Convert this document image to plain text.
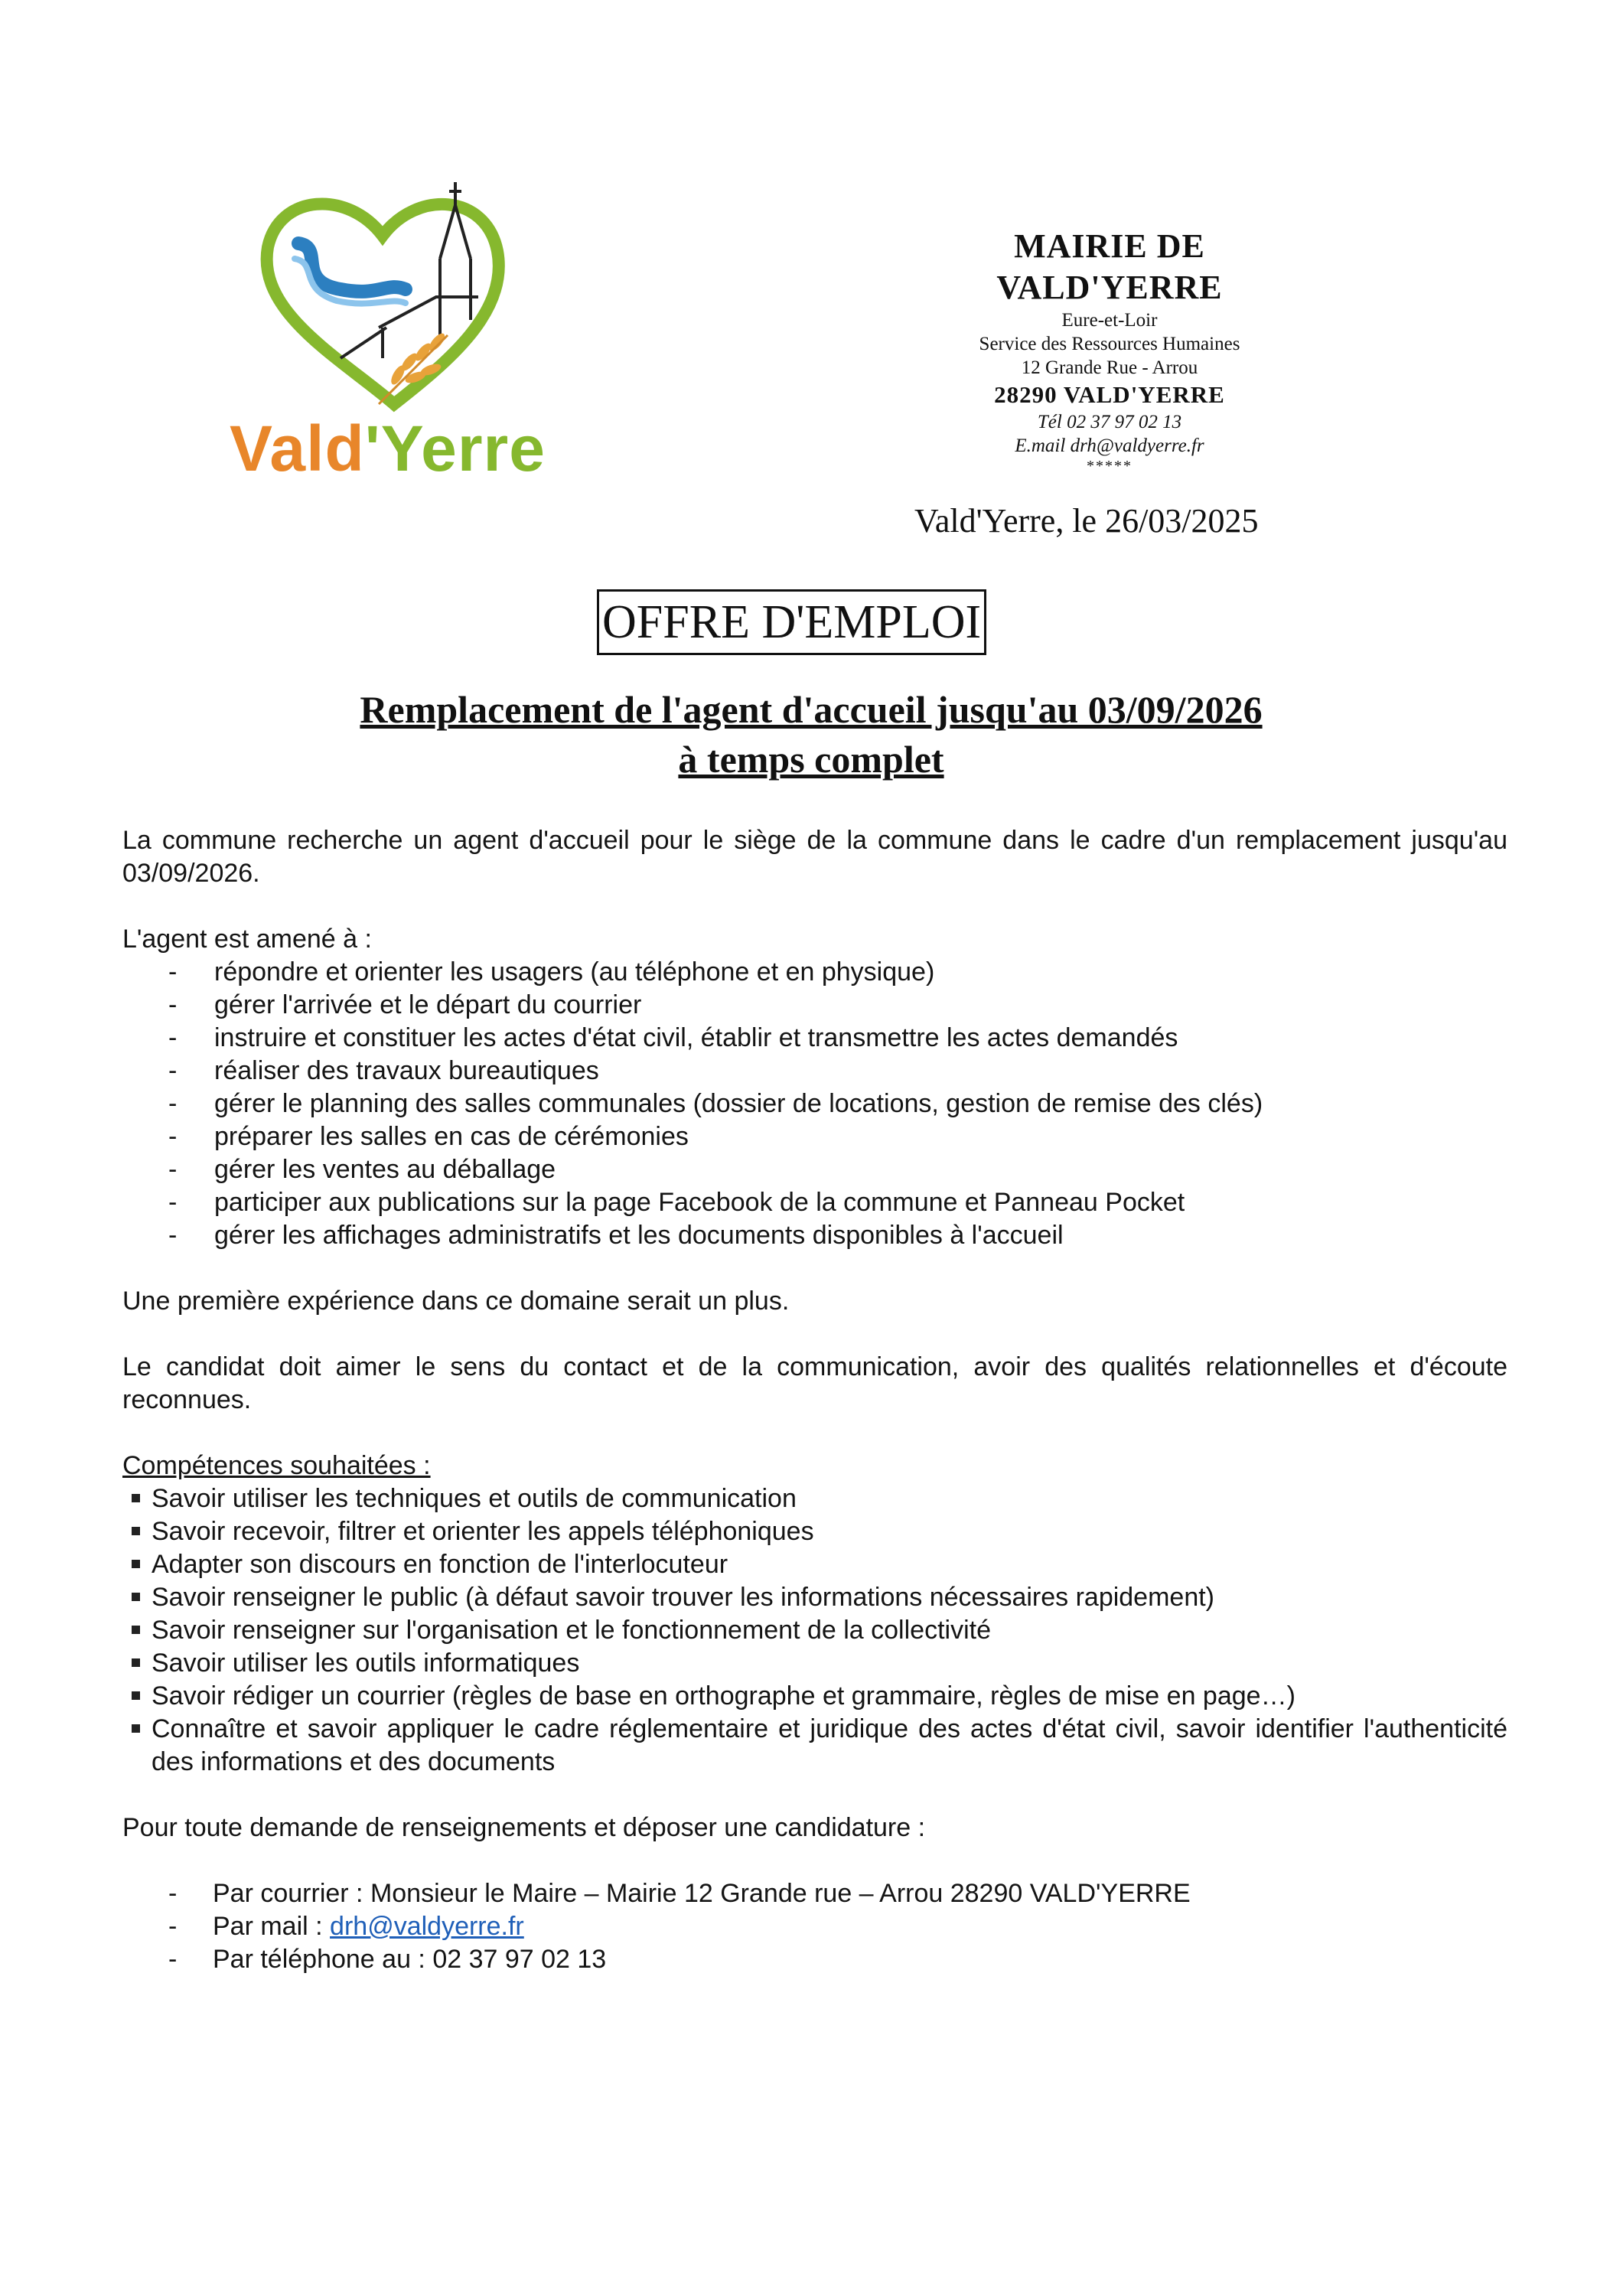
Vald'Yerre
MAIRIE DE VALD'YERRE
Eure-et-Loir
Service des Ressources Humaines
12 Grande Rue - Arrou
28290 VALD'YERRE
Tél 02 37 97 02 13
E.mail drh@valdyerre.fr
*****
Vald'Yerre, le 26/03/2025
OFFRE D'EMPLOI
Remplacement de l'agent d'accueil jusqu'au 03/09/2026
à temps complet

La commune recherche un agent d'accueil pour le siège de la commune dans le cadre d'un remplacement jusqu'au 03/09/2026.

L'agent est amené à :

- répondre et orienter les usagers (au téléphone et en physique)
- gérer l'arrivée et le départ du courrier
- instruire et constituer les actes d'état civil, établir et transmettre les actes demandés
- réaliser des travaux bureautiques
- gérer le planning des salles communales (dossier de locations, gestion de remise des clés)
- préparer les salles en cas de cérémonies
- gérer les ventes au déballage
- participer aux publications sur la page Facebook de la commune et Panneau Pocket
- gérer les affichages administratifs et les documents disponibles à l'accueil

Une première expérience dans ce domaine serait un plus.

Le candidat doit aimer le sens du contact et de la communication, avoir des qualités relationnelles et d'écoute reconnues.

Compétences souhaitées :

Savoir utiliser les techniques et outils de communication
Savoir recevoir, filtrer et orienter les appels téléphoniques
Adapter son discours en fonction de l'interlocuteur
Savoir renseigner le public (à défaut savoir trouver les informations nécessaires rapidement)
Savoir renseigner sur l'organisation et le fonctionnement de la collectivité
Savoir utiliser les outils informatiques
Savoir rédiger un courrier (règles de base en orthographe et grammaire, règles de mise en page…)
Connaître et savoir appliquer le cadre réglementaire et juridique des actes d'état civil, savoir identifier l'authenticité des informations et des documents

Pour toute demande de renseignements et déposer une candidature :

- Par courrier : Monsieur le Maire – Mairie 12 Grande rue – Arrou 28290 VALD'YERRE
- Par mail : drh@valdyerre.fr
- Par téléphone au : 02 37 97 02 13
